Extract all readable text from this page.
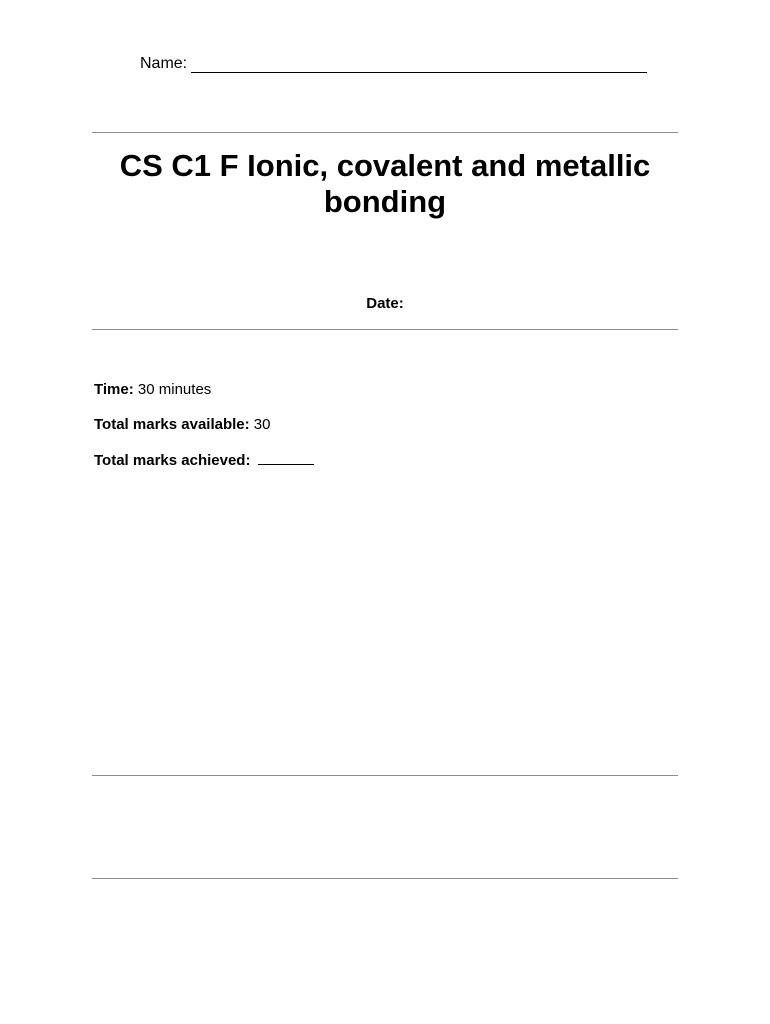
Name:
CS C1 F Ionic, covalent and metallic
bonding
Date:
Time: 30 minutes
Total marks available: 30
Total marks achieved:
